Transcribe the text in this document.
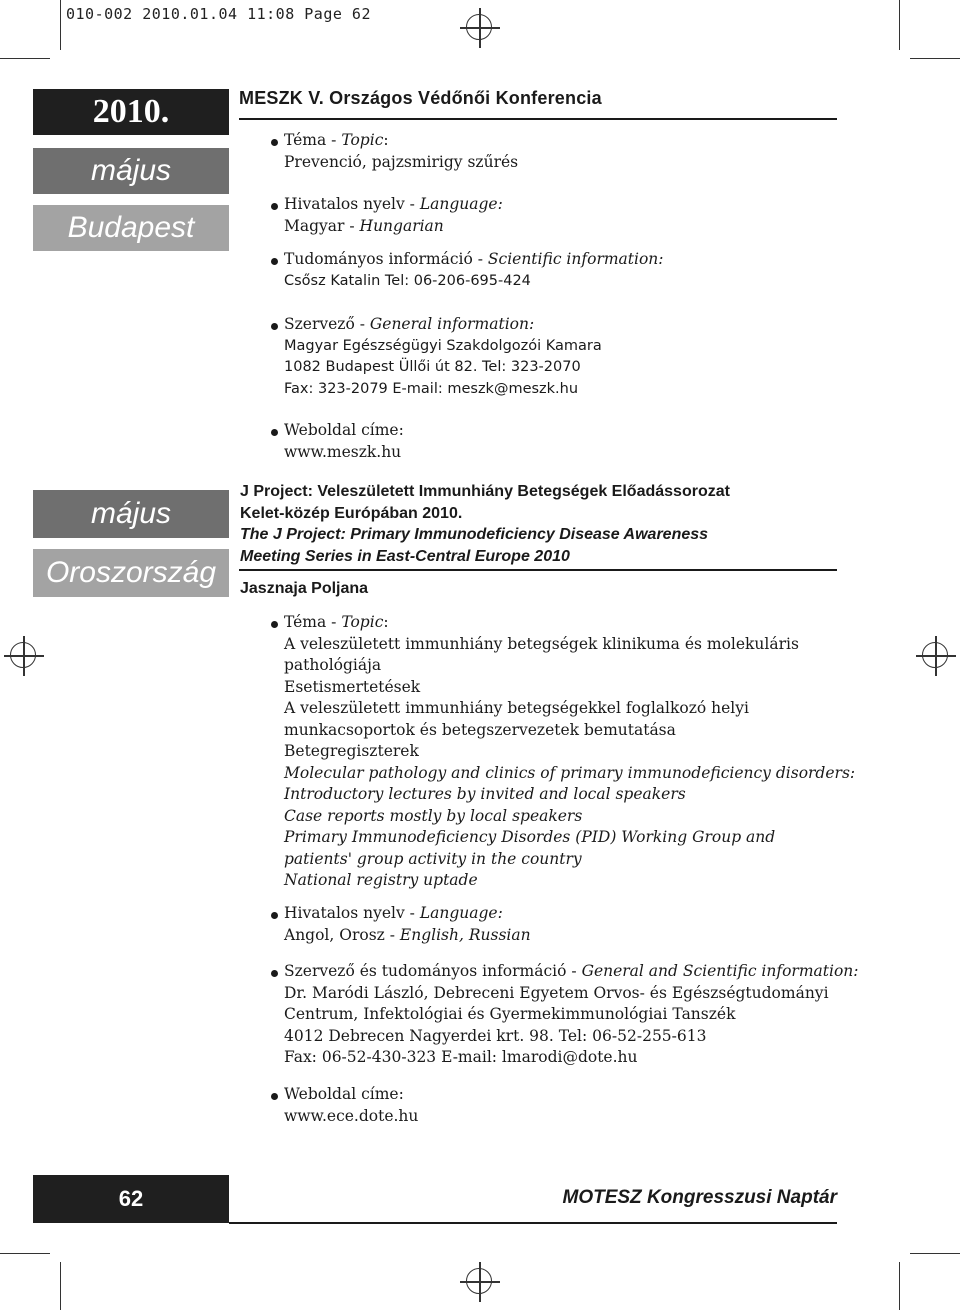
010-002 2010.01.04 11:08 Page 62
2010.
május
Budapest
május
Oroszország
MESZK V. Országos Védőnői Konferencia
Téma - Topic:
Prevenció, pajzsmirigy szűrés
Hivatalos nyelv - Language:
Magyar - Hungarian
Tudományos információ - Scientific information:
Csősz Katalin Tel: 06-206-695-424
Szervező - General information:
Magyar Egészségügyi Szakdolgozói Kamara
1082 Budapest Üllői út 82. Tel: 323-2070
Fax: 323-2079 E-mail: meszk@meszk.hu
Weboldal címe:
www.meszk.hu
J Project: Veleszületett Immunhiány Betegségek Előadássorozat
Kelet-közép Európában 2010.
The J Project: Primary Immunodeficiency Disease Awareness
Meeting Series in East-Central Europe 2010
Jasznaja Poljana
Téma - Topic:
A veleszületett immunhiány betegségek klinikuma és molekuláris
pathológiája
Esetismertetések
A veleszületett immunhiány betegségekkel foglalkozó helyi
munkacsoportok és betegszervezetek bemutatása
Betegregiszterek
Molecular pathology and clinics of primary immunodeficiency disorders:
Introductory lectures by invited and local speakers
Case reports mostly by local speakers
Primary Immunodeficiency Disordes (PID) Working Group and
patients' group activity in the country
National registry uptade
Hivatalos nyelv - Language:
Angol, Orosz - English, Russian
Szervező és tudományos információ - General and Scientific information:
Dr. Maródi László, Debreceni Egyetem Orvos- és Egészségtudományi
Centrum, Infektológiai és Gyermekimmunológiai Tanszék
4012 Debrecen Nagyerdei krt. 98. Tel: 06-52-255-613
Fax: 06-52-430-323 E-mail: lmarodi@dote.hu
Weboldal címe:
www.ece.dote.hu
62	MOTESZ Kongresszusi Naptár
